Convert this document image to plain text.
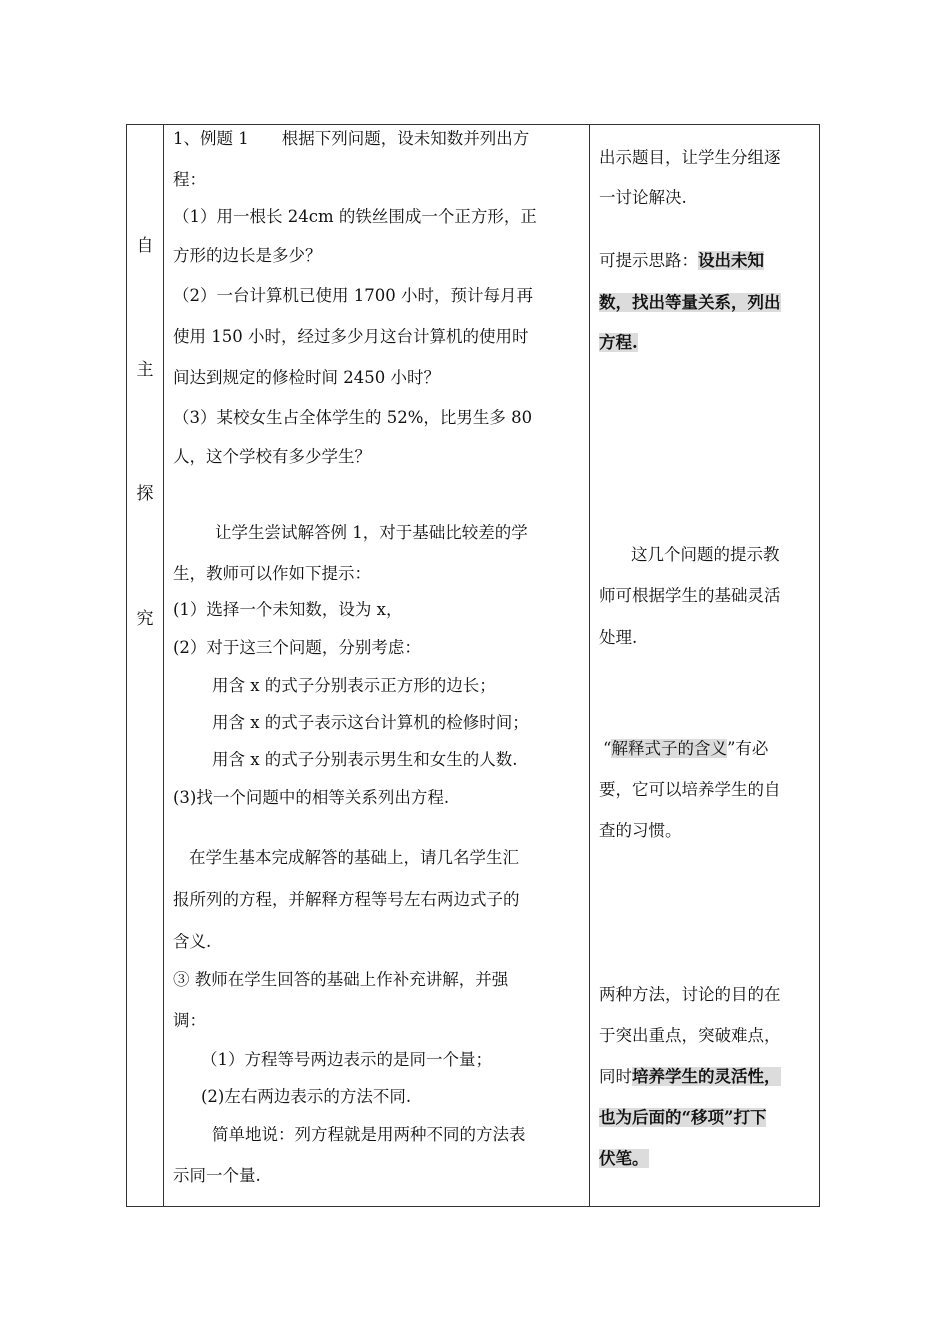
自
主
探
究
1、例题 1　　根据下列问题，设未知数并列出方
程：
（1）用一根长 24cm 的铁丝围成一个正方形，正
方形的边长是多少？
（2）一台计算机已使用 1700 小时，预计每月再
使用 150 小时，经过多少月这台计算机的使用时
间达到规定的修检时间 2450 小时？
（3）某校女生占全体学生的 52%，比男生多 80
人，这个学校有多少学生？
让学生尝试解答例 1，对于基础比较差的学
生，教师可以作如下提示：
(1）选择一个未知数，设为 x，
(2）对于这三个问题，分别考虑：
用含 x 的式子分别表示正方形的边长；
用含 x 的式子表示这台计算机的检修时间；
用含 x 的式子分别表示男生和女生的人数.
(3)找一个问题中的相等关系列出方程.
在学生基本完成解答的基础上，请几名学生汇
报所列的方程，并解释方程等号左右两边式子的
含义.
③ 教师在学生回答的基础上作补充讲解，并强
调：
（1）方程等号两边表示的是同一个量；
(2)左右两边表示的方法不同.
简单地说：列方程就是用两种不同的方法表
示同一个量.
出示题目，让学生分组逐
一讨论解决.
可提示思路：设出未知
数，找出等量关系，列出
方程.
这几个问题的提示教
师可根据学生的基础灵活
处理.
“解释式子的含义”有必
要，它可以培养学生的自
查的习惯。
两种方法，讨论的目的在
于突出重点，突破难点，
同时培养学生的灵活性，
也为后面的“移项”打下
伏笔。
